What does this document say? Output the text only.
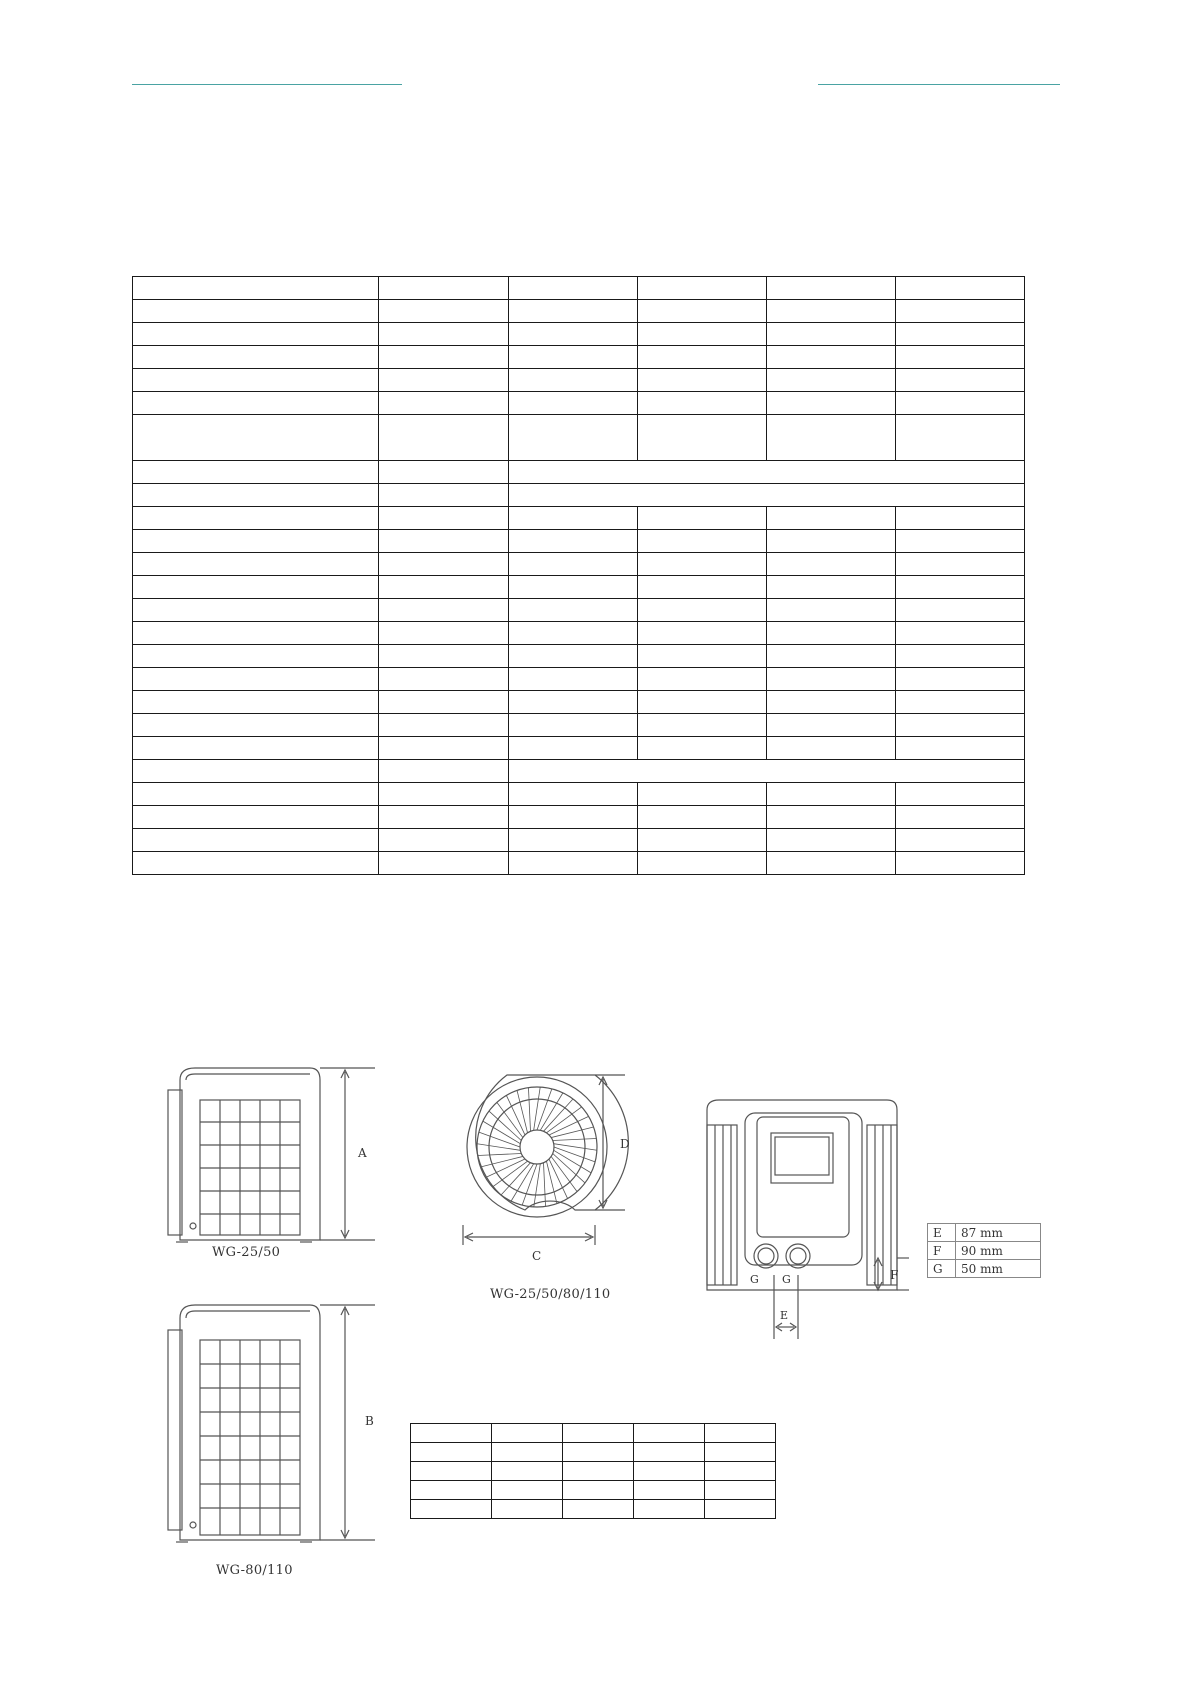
A
WG-25/50
B
WG-80/110
D
C
WG-25/50/80/110
G G
E
F
E	87 mm
F	90 mm
G	50 mm
